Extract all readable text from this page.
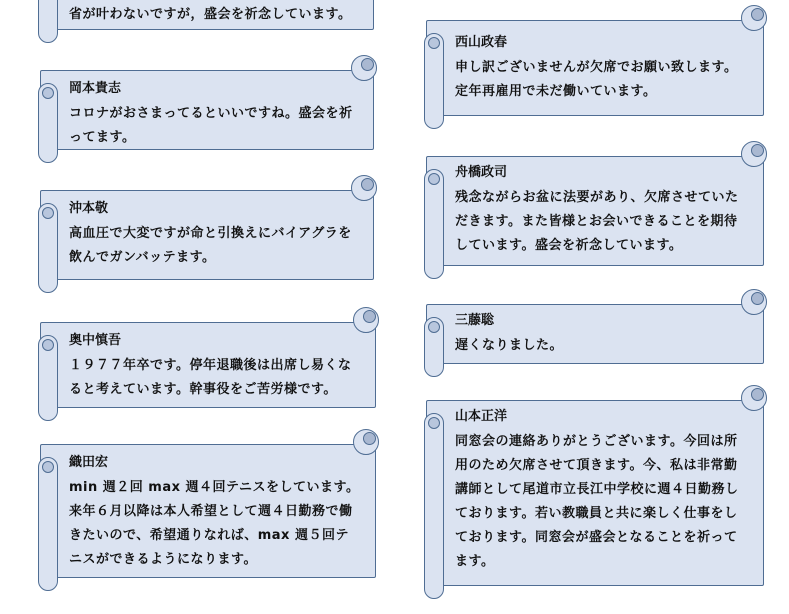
省が叶わないですが，盛会を祈念しています。
岡本貴志
コロナがおさまってるといいですね。盛会を祈ってます。
沖本敬
高血圧で大変ですが命と引換えにバイアグラを飲んでガンバッテます。
奥中慎吾
１９７７年卒です。停年退職後は出席し易くなると考えています。幹事役をご苦労様です。
織田宏
min 週２回 max 週４回テニスをしています。来年６月以降は本人希望として週４日勤務で働きたいので、希望通りなれば、max 週５回テニスができるようになります。
西山政春
申し訳ございませんが欠席でお願い致します。定年再雇用で未だ働いています。
舟橋政司
残念ながらお盆に法要があり、欠席させていただきます。また皆様とお会いできることを期待しています。盛会を祈念しています。
三藤聡
遅くなりました。
山本正洋
同窓会の連絡ありがとうございます。今回は所用のため欠席させて頂きます。今、私は非常勤講師として尾道市立長江中学校に週４日勤務しております。若い教職員と共に楽しく仕事をしております。同窓会が盛会となることを祈ってます。
